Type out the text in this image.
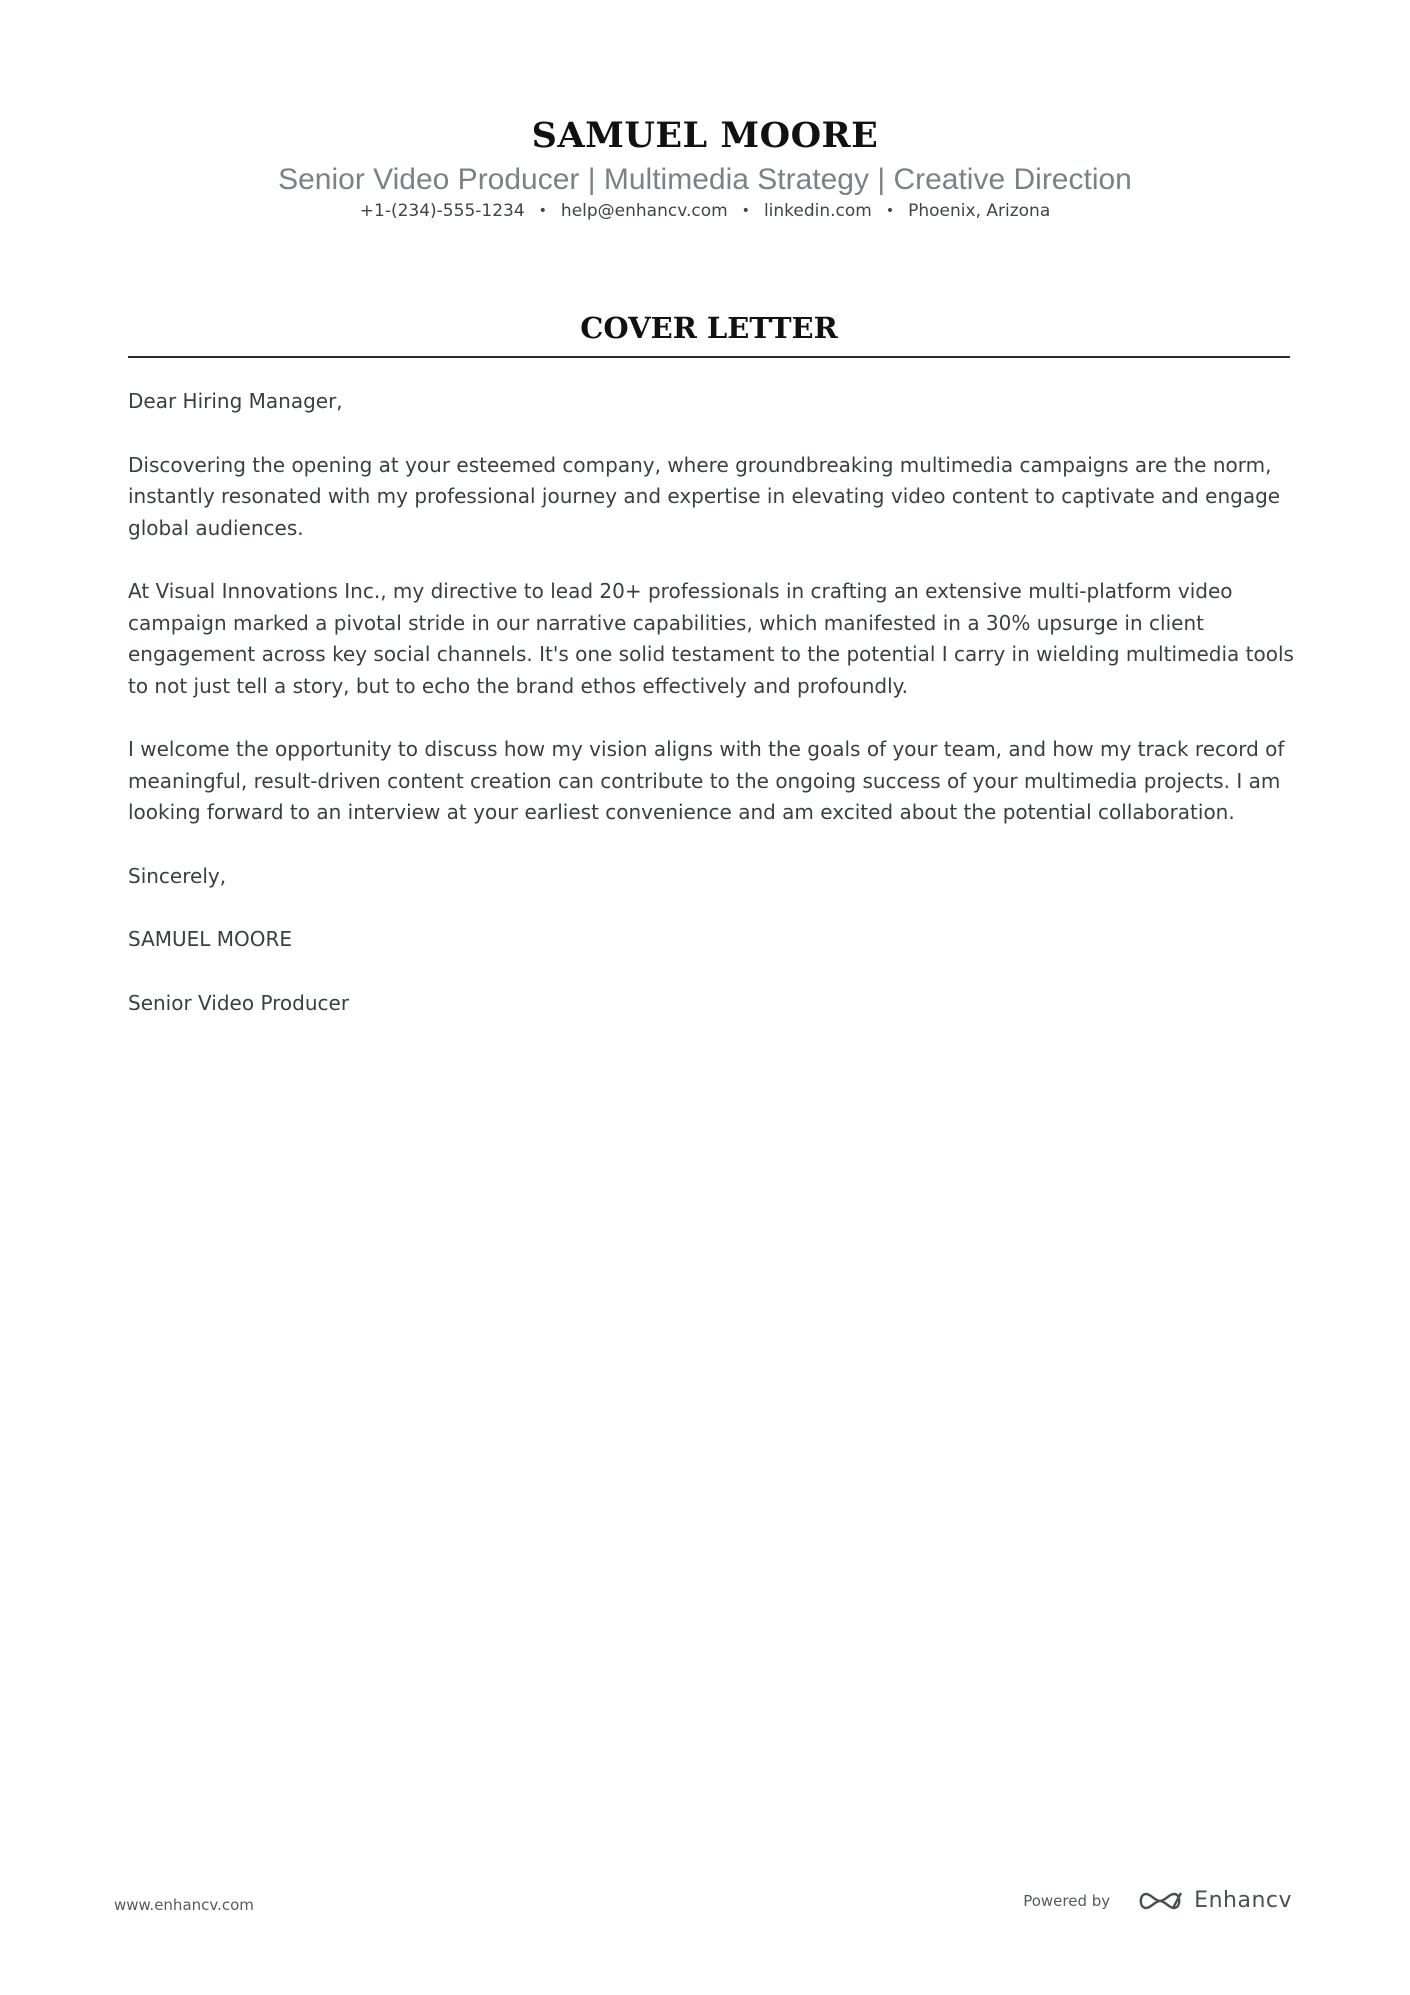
SAMUEL MOORE

Senior Video Producer | Multimedia Strategy | Creative Direction

+1-(234)-555-1234 • help@enhancv.com • linkedin.com • Phoenix, Arizona
COVER LETTER

Dear Hiring Manager,

Discovering the opening at your esteemed company, where groundbreaking multimedia campaigns are the norm, instantly resonated with my professional journey and expertise in elevating video content to captivate and engage global audiences.

At Visual Innovations Inc., my directive to lead 20+ professionals in crafting an extensive multi-platform video campaign marked a pivotal stride in our narrative capabilities, which manifested in a 30% upsurge in client engagement across key social channels. It's one solid testament to the potential I carry in wielding multimedia tools to not just tell a story, but to echo the brand ethos effectively and profoundly.

I welcome the opportunity to discuss how my vision aligns with the goals of your team, and how my track record of meaningful, result-driven content creation can contribute to the ongoing success of your multimedia projects. I am looking forward to an interview at your earliest convenience and am excited about the potential collaboration.

Sincerely,

SAMUEL MOORE

Senior Video Producer

www.enhancv.com	Powered by	Enhancv
